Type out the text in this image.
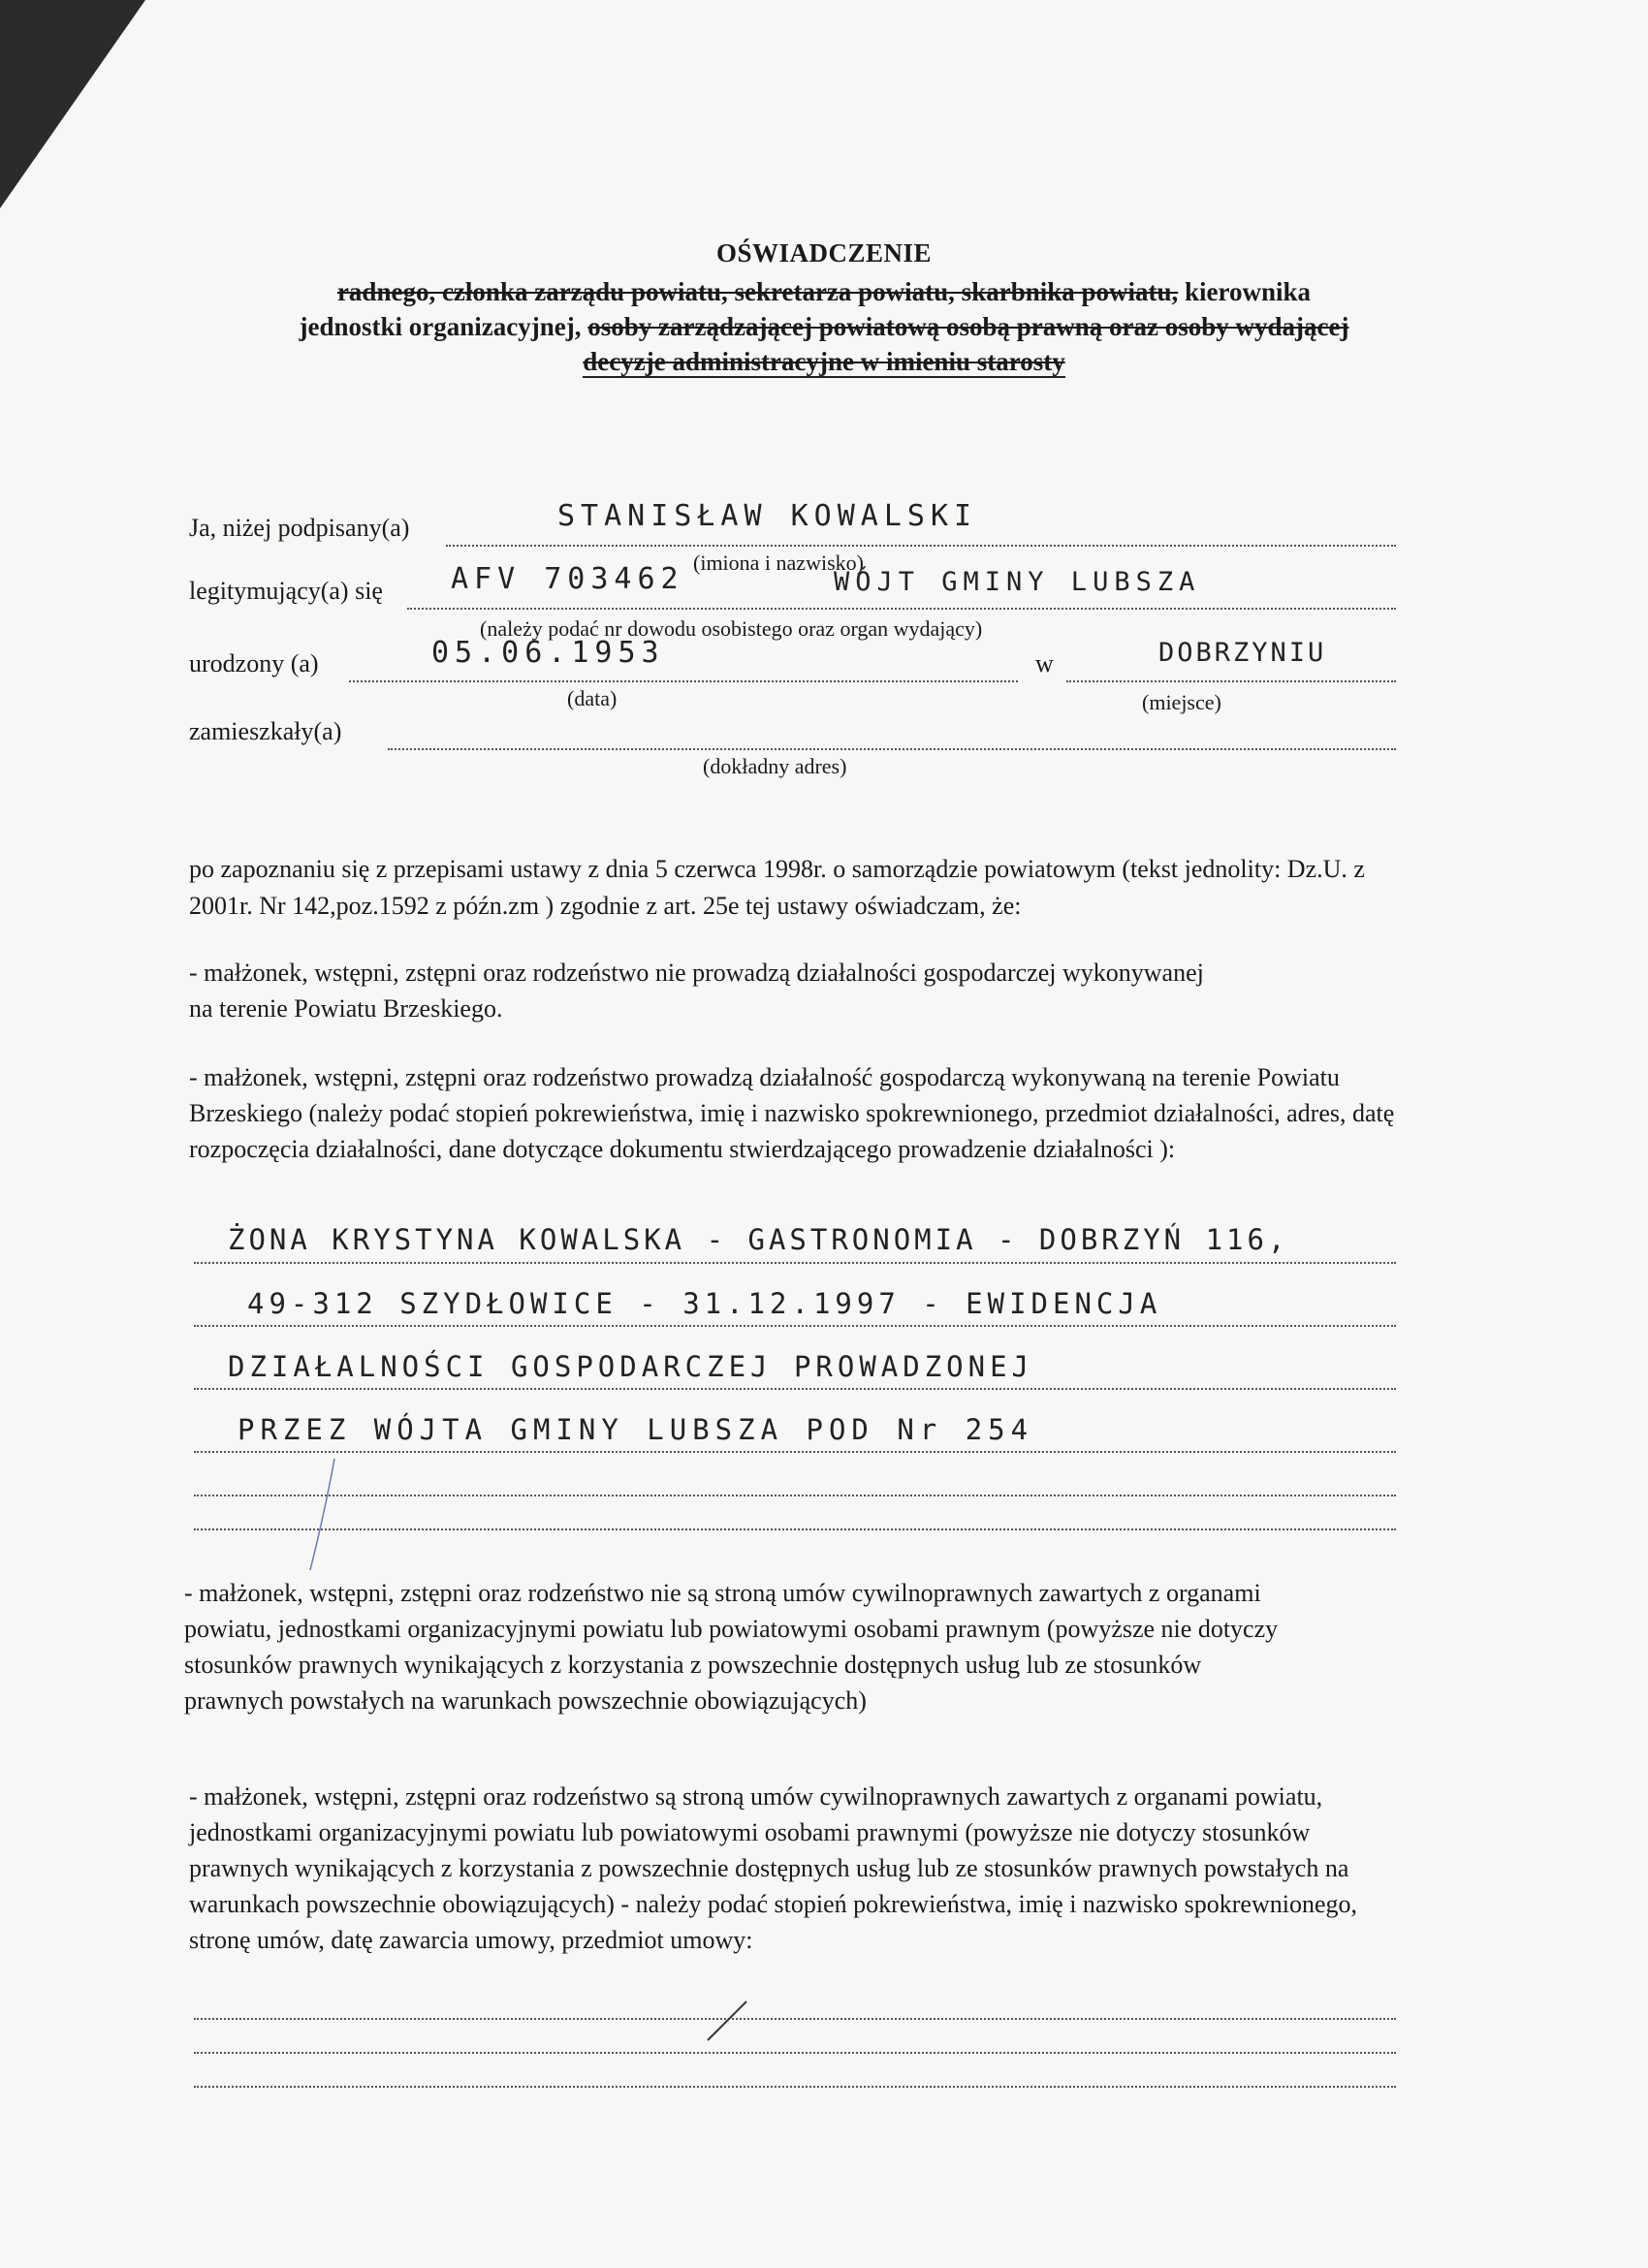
OŚWIADCZENIE
radnego, członka zarządu powiatu, sekretarza powiatu, skarbnika powiatu, kierownika
jednostki organizacyjnej, osoby zarządzającej powiatową osobą prawną oraz osoby wydającej
decyzje administracyjne w imieniu starosty
Ja, niżej podpisany(a)	STANISŁAW KOWALSKI
(imiona i nazwisko)
legitymujący(a) się AFV 703462	WÓJT GMINY LUBSZA
(należy podać nr dowodu osobistego oraz organ wydający)
urodzony (a)	05.06.1953	w	DOBRZYNIU
(data)	(miejsce)
zamieszkały(a)
(dokładny adres)
po zapoznaniu się z przepisami ustawy z dnia 5 czerwca 1998r. o samorządzie powiatowym (tekst jednolity: Dz.U. z 2001r. Nr 142,poz.1592 z późn.zm ) zgodnie z art. 25e tej ustawy oświadczam, że:
- małżonek, wstępni, zstępni oraz rodzeństwo nie prowadzą działalności gospodarczej wykonywanej na terenie Powiatu Brzeskiego.
- małżonek, wstępni, zstępni oraz rodzeństwo prowadzą działalność gospodarczą wykonywaną na terenie Powiatu Brzeskiego (należy podać stopień pokrewieństwa, imię i nazwisko spokrewnionego, przedmiot działalności, adres, datę rozpoczęcia działalności, dane dotyczące dokumentu stwierdzającego prowadzenie działalności ):
ŻONA KRYSTYNA KOWALSKA - GASTRONOMIA - DOBRZYŃ 116,
49-312 SZYDŁOWICE - 31.12.1997 - EWIDENCJA
DZIAŁALNOŚCI GOSPODARCZEJ PROWADZONEJ
PRZEZ WÓJTA GMINY LUBSZA POD Nr 254
- małżonek, wstępni, zstępni oraz rodzeństwo nie są stroną umów cywilnoprawnych zawartych z organami powiatu, jednostkami organizacyjnymi powiatu lub powiatowymi osobami prawnym (powyższe nie dotyczy stosunków prawnych wynikających z korzystania z powszechnie dostępnych usług lub ze stosunków prawnych powstałych na warunkach powszechnie obowiązujących)
- małżonek, wstępni, zstępni oraz rodzeństwo są stroną umów cywilnoprawnych zawartych z organami powiatu, jednostkami organizacyjnymi powiatu lub powiatowymi osobami prawnymi (powyższe nie dotyczy stosunków prawnych wynikających z korzystania z powszechnie dostępnych usług lub ze stosunków prawnych powstałych na warunkach powszechnie obowiązujących) - należy podać stopień pokrewieństwa, imię i nazwisko spokrewnionego, stronę umów, datę zawarcia umowy, przedmiot umowy:
